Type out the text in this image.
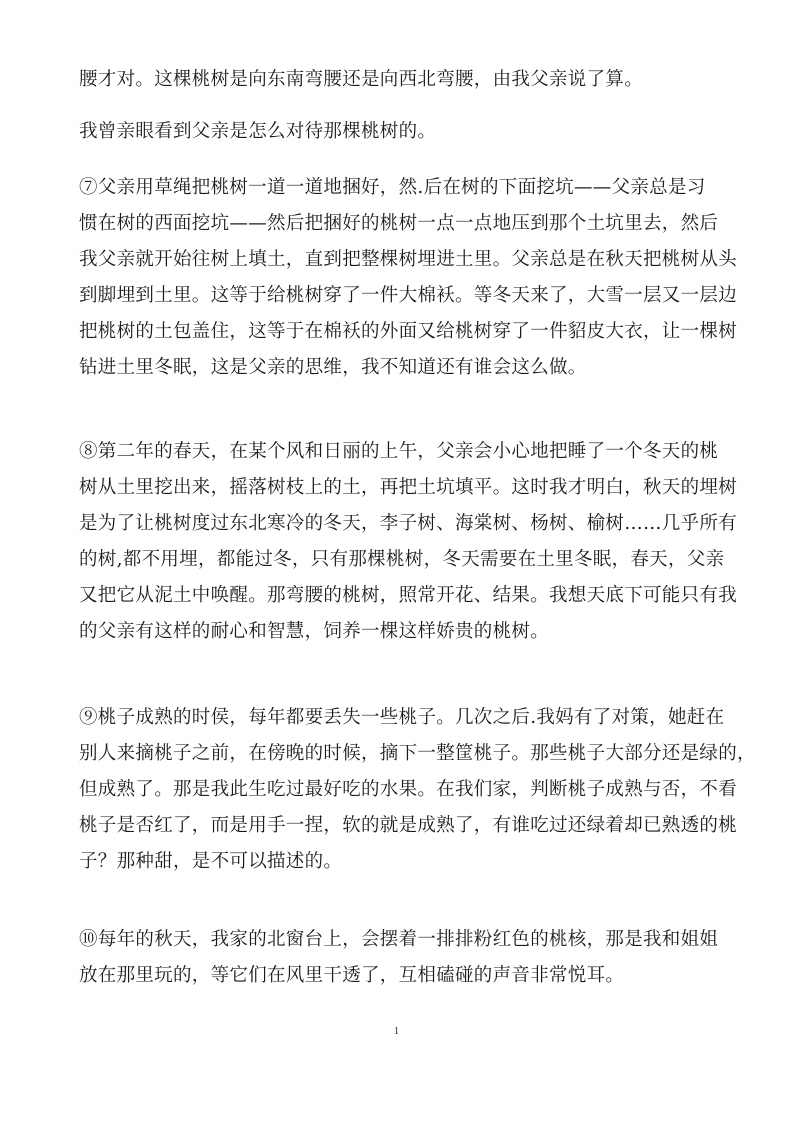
腰才对。这棵桃树是向东南弯腰还是向西北弯腰，由我父亲说了算。

我曾亲眼看到父亲是怎么对待那棵桃树的。

⑦父亲用草绳把桃树一道一道地捆好，然.后在树的下面挖坑——父亲总是习
惯在树的西面挖坑——然后把捆好的桃树一点一点地压到那个土坑里去，然后
我父亲就开始往树上填土，直到把整棵树埋进土里。父亲总是在秋天把桃树从头
到脚埋到土里。这等于给桃树穿了一件大棉袄。等冬天来了，大雪一层又一层边
把桃树的土包盖住，这等于在棉袄的外面又给桃树穿了一件貂皮大衣，让一棵树
钻进土里冬眠，这是父亲的思维，我不知道还有谁会这么做。

⑧第二年的春天，在某个风和日丽的上午，父亲会小心地把睡了一个冬天的桃
树从土里挖出来，摇落树枝上的土，再把土坑填平。这时我才明白，秋天的埋树
是为了让桃树度过东北寒冷的冬天，李子树、海棠树、杨树、榆树……几乎所有
的树,都不用埋，都能过冬，只有那棵桃树，冬天需要在土里冬眠，春天，父亲
又把它从泥土中唤醒。那弯腰的桃树，照常开花、结果。我想天底下可能只有我
的父亲有这样的耐心和智慧，饲养一棵这样娇贵的桃树。

⑨桃子成熟的时侯，每年都要丢失一些桃子。几次之后.我妈有了对策，她赶在
别人来摘桃子之前，在傍晚的时候，摘下一整筐桃子。那些桃子大部分还是绿的，
但成熟了。那是我此生吃过最好吃的水果。在我们家，判断桃子成熟与否，不看
桃子是否红了，而是用手一捏，软的就是成熟了，有谁吃过还绿着却已熟透的桃
子？那种甜，是不可以描述的。

⑩每年的秋天，我家的北窗台上，会摆着一排排粉红色的桃核，那是我和姐姐
放在那里玩的，等它们在风里干透了，互相磕碰的声音非常悦耳。

1
